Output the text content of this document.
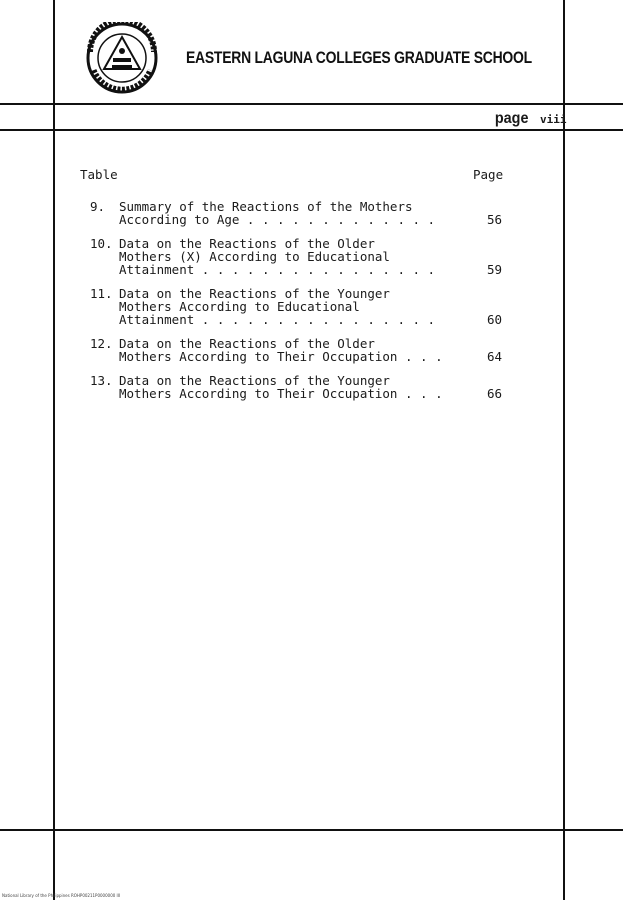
EASTERN LAGUNA COLLEGES GRADUATE SCHOOL
page viii
Table	Page
9.	Summary of the Reactions of the Mothers
According to Age . . . . . . . . . . . . .	56
10. Data on the Reactions of the Older
Mothers (X) According to Educational
Attainment . . . . . . . . . . . . . . . .	59
11. Data on the Reactions of the Younger
Mothers According to Educational
Attainment . . . . . . . . . . . . . . . .	60
12. Data on the Reactions of the Older
Mothers According to Their Occupation . . .	64
13. Data on the Reactions of the Younger
Mothers According to Their Occupation . . .	66
National Library of the Philippines ROHP00211P0000000 III
